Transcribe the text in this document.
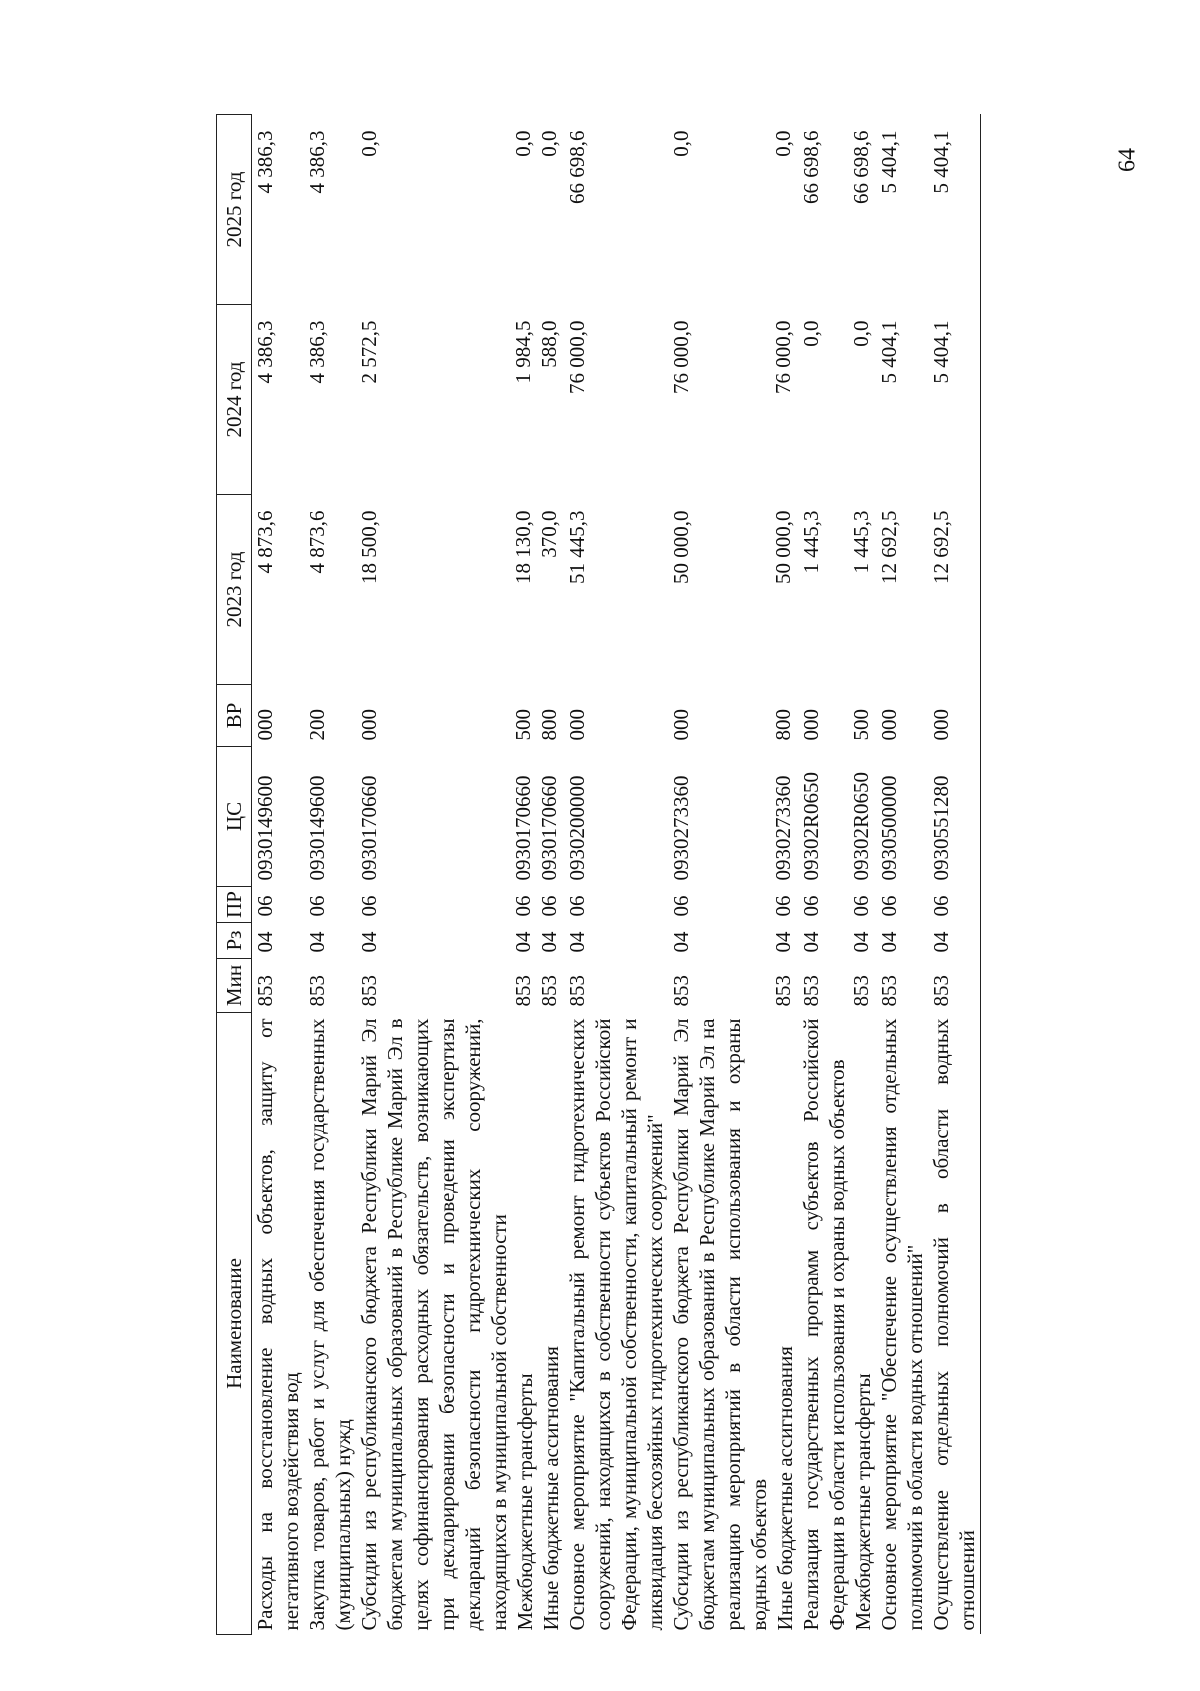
64
Наименование	Мин	Рз	ПР	ЦС	ВР	2023 год	2024 год	2025 год
Расходы на восстановление водных объектов, защиту от негативного воздействия вод	853	04	06	0930149600	000	4 873,6	4 386,3	4 386,3
Закупка товаров, работ и услуг для обеспечения государственных (муниципальных) нужд	853	04	06	0930149600	200	4 873,6	4 386,3	4 386,3
Субсидии из республиканского бюджета Республики Марий Эл бюджетам муниципальных образований в Республике Марий Эл в целях софинансирования расходных обязательств, возникающих при декларировании безопасности и проведении экспертизы деклараций безопасности гидротехнических сооружений, находящихся в муниципальной собственности	853	04	06	0930170660	000	18 500,0	2 572,5	0,0
Межбюджетные трансферты	853	04	06	0930170660	500	18 130,0	1 984,5	0,0
Иные бюджетные ассигнования	853	04	06	0930170660	800	370,0	588,0	0,0
Основное мероприятие "Капитальный ремонт гидротехнических сооружений, находящихся в собственности субъектов Российской Федерации, муниципальной собственности, капитальный ремонт и ликвидация бесхозяйных гидротехнических сооружений"	853	04	06	0930200000	000	51 445,3	76 000,0	66 698,6
Субсидии из республиканского бюджета Республики Марий Эл бюджетам муниципальных образований в Республике Марий Эл на реализацию мероприятий в области использования и охраны водных объектов	853	04	06	0930273360	000	50 000,0	76 000,0	0,0
Иные бюджетные ассигнования	853	04	06	0930273360	800	50 000,0	76 000,0	0,0
Реализация государственных программ субъектов Российской Федерации в области использования и охраны водных объектов	853	04	06	09302R0650	000	1 445,3	0,0	66 698,6
Межбюджетные трансферты	853	04	06	09302R0650	500	1 445,3	0,0	66 698,6
Основное мероприятие "Обеспечение осуществления отдельных полномочий в области водных отношений"	853	04	06	0930500000	000	12 692,5	5 404,1	5 404,1
Осуществление отдельных полномочий в области водных отношений	853	04	06	0930551280	000	12 692,5	5 404,1	5 404,1
